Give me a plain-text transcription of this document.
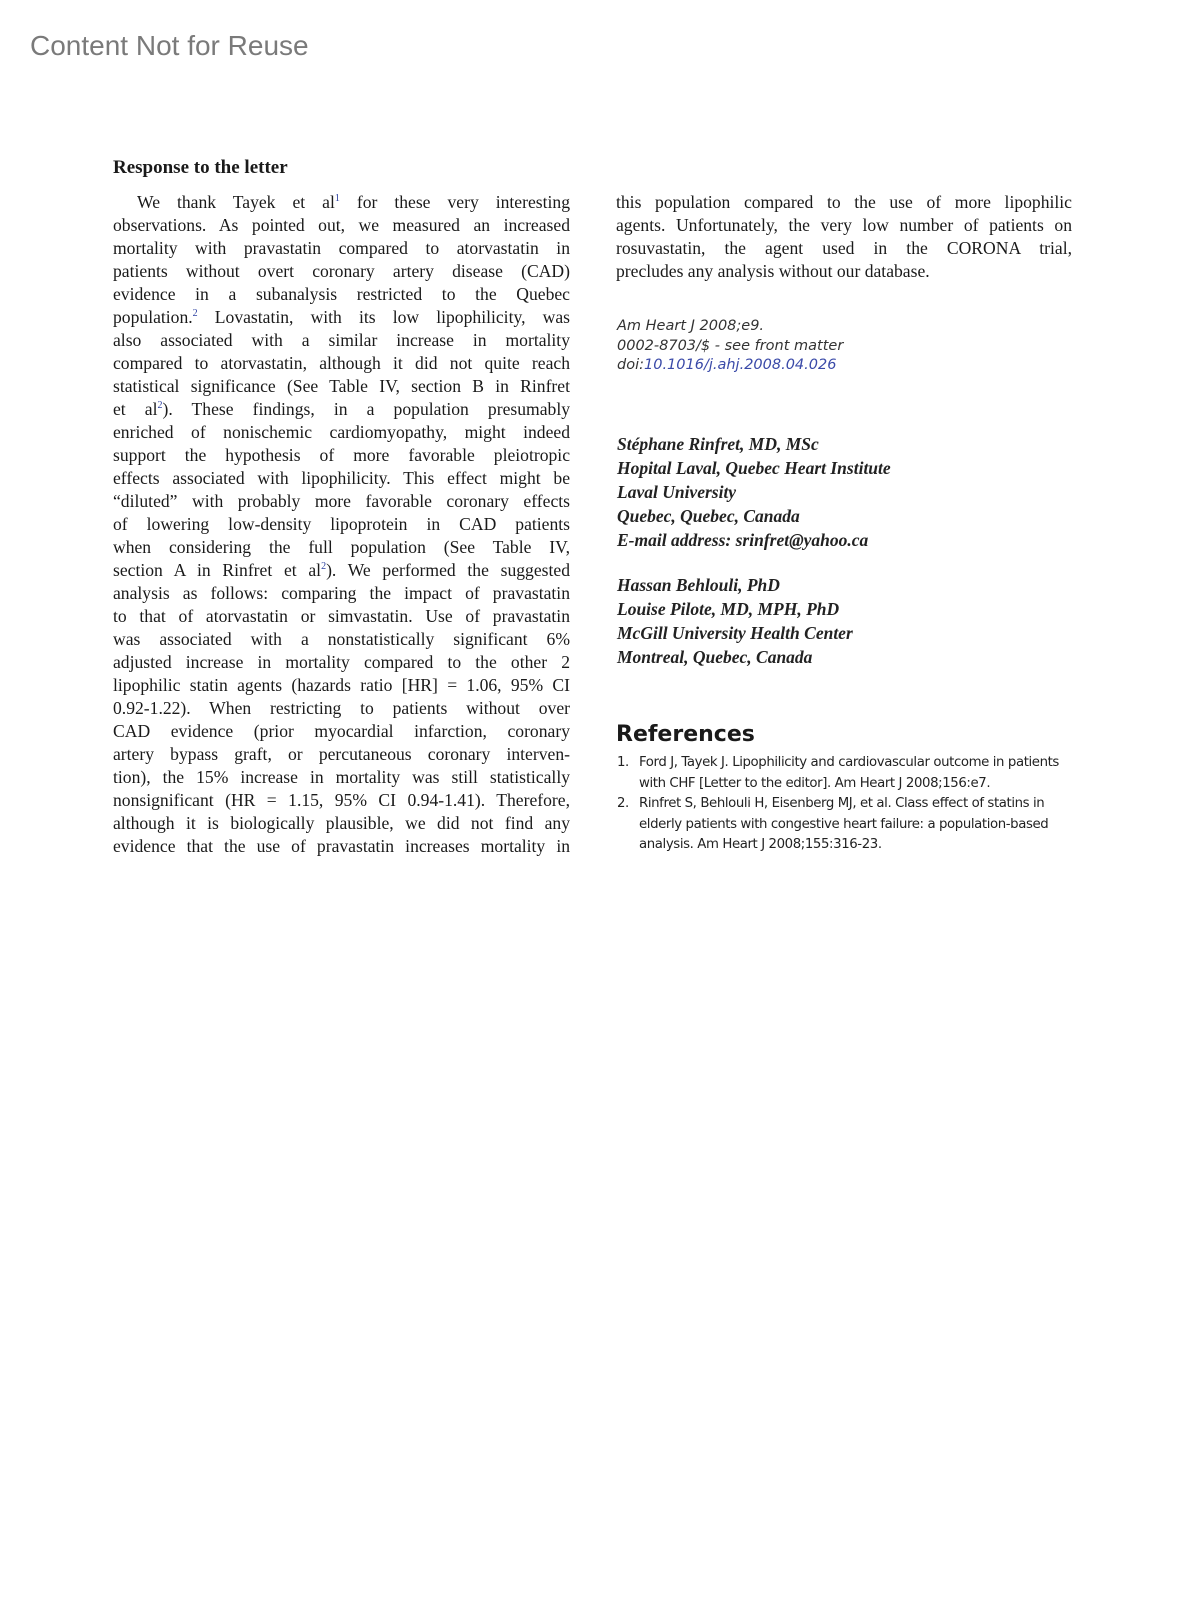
Content Not for Reuse
Response to the letter
We thank Tayek et $al^1$ for these very interesting
observations. As pointed out, we measured an increased
mortality with pravastatin compared to atorvastatin in
patients without overt coronary artery disease (CAD)
evidence in a subanalysis restricted to the Quebec
population.$^2$ Lovastatin, with its low lipophilicity, was
also associated with a similar increase in mortality
compared to atorvastatin, although it did not quite reach
statistical significance (See Table IV, section B in Rinfret
et $al^2$). These findings, in a population presumably
enriched of nonischemic cardiomyopathy, might indeed
support the hypothesis of more favorable pleiotropic
effects associated with lipophilicity. This effect might be
“diluted” with probably more favorable coronary effects
of lowering low-density lipoprotein in CAD patients
when considering the full population (See Table IV,
section A in Rinfret et $al^2$). We performed the suggested
analysis as follows: comparing the impact of pravastatin
to that of atorvastatin or simvastatin. Use of pravastatin
was associated with a nonstatistically significant 6%
adjusted increase in mortality compared to the other 2
lipophilic statin agents (hazards ratio [HR] = 1.06, 95% CI
0.92-1.22). When restricting to patients without over
CAD evidence (prior myocardial infarction, coronary
artery bypass graft, or percutaneous coronary interven-
tion), the 15% increase in mortality was still statistically
nonsignificant (HR = 1.15, 95% CI 0.94-1.41). Therefore,
although it is biologically plausible, we did not find any
evidence that the use of pravastatin increases mortality in
this population compared to the use of more lipophilic
agents. Unfortunately, the very low number of patients on
rosuvastatin, the agent used in the CORONA trial,
precludes any analysis without our database.
Am Heart J 2008;e9.
0002-8703/$ - see front matter
doi:10.1016/j.ahj.2008.04.026
Stéphane Rinfret, MD, MSc
Hopital Laval, Quebec Heart Institute
Laval University
Quebec, Quebec, Canada
E-mail address: srinfret@yahoo.ca
Hassan Behlouli, PhD
Louise Pilote, MD, MPH, PhD
McGill University Health Center
Montreal, Quebec, Canada
References
1. Ford J, Tayek J. Lipophilicity and cardiovascular outcome in patients with CHF [Letter to the editor]. Am Heart J 2008;156:e7.
2. Rinfret S, Behlouli H, Eisenberg MJ, et al. Class effect of statins in elderly patients with congestive heart failure: a population-based analysis. Am Heart J 2008;155:316-23.
